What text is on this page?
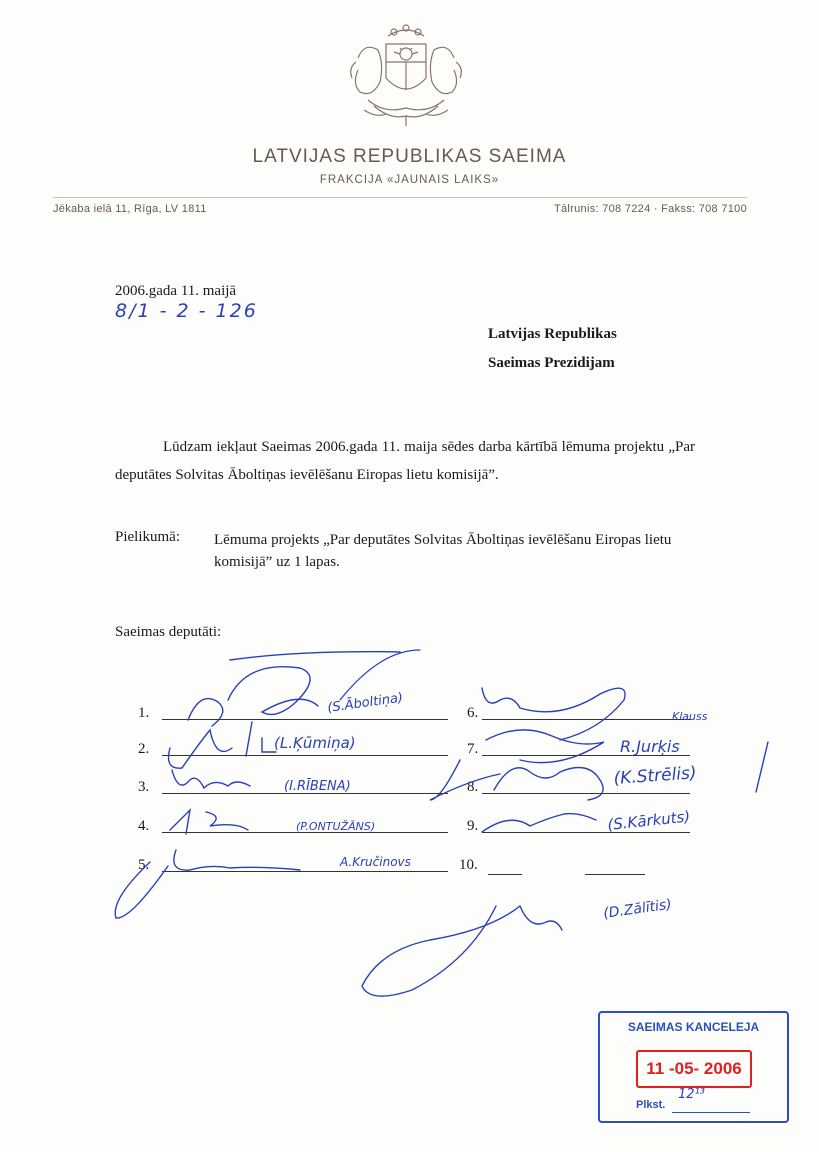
LATVIJAS REPUBLIKAS SAEIMA
FRAKCIJA «JAUNAIS LAIKS»
Jēkaba ielā 11, Rīga, LV 1811	Tālrunis: 708 7224 · Fakss: 708 7100
2006.gada 11. maijā
8/1 - 2 - 126
Latvijas Republikas
Saeimas Prezidijam
Lūdzam iekļaut Saeimas 2006.gada 11. maija sēdes darba kārtībā lēmuma projektu „Par deputātes Solvitas Āboltiņas ievēlēšanu Eiropas lietu komisijā”.
Pielikumā: Lēmuma projekts „Par deputātes Solvitas Āboltiņas ievēlēšanu Eiropas lietu komisijā” uz 1 lapas.
Saeimas deputāti:
1.
2.
3.
4.
5.
6.
7.
8.
9.
10.
(S.Āboltiņa)
(L.Ķūmiņa)
(I.RĪBENA)
(P.ONTUŽĀNS)
A.Kručinovs
Klauss
R.Jurķis
(K.Strēlis)
(S.Kārkuts)
(D.Zālītis)
SAEIMAS KANCELEJA
11 -05- 2006
Plkst.
12¹³
